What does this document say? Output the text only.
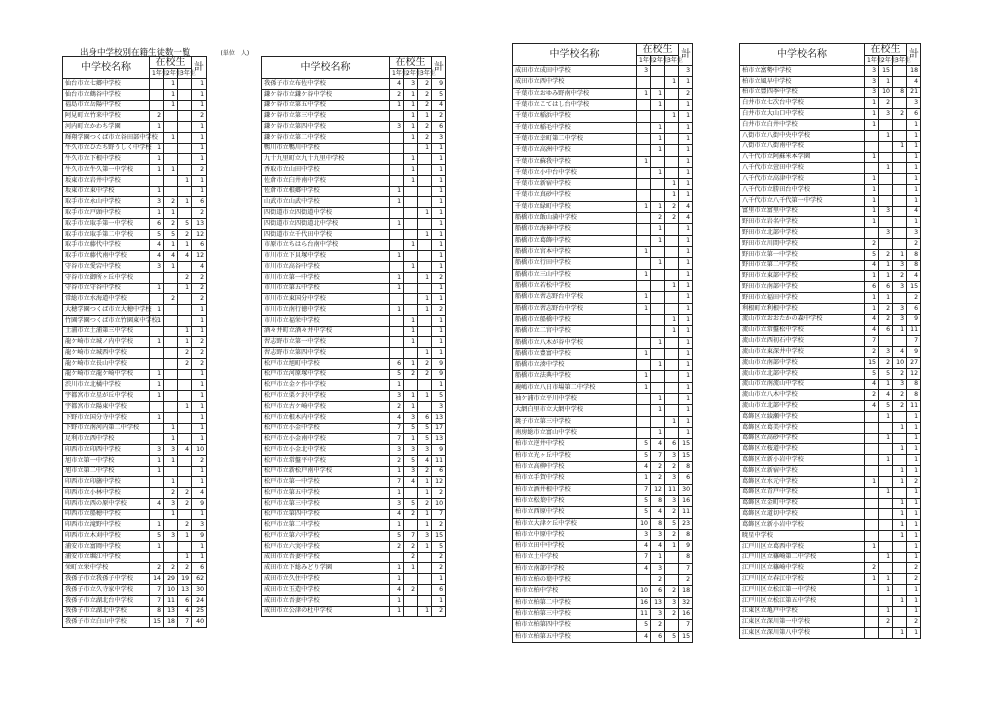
出身中学校別在籍生徒数一覧	(単位　人)
中学校名称	在校生			計
	1年生	2年生	3年生	
仙台市立七郷中学校		1		1
仙台市立鶴谷中学校		1		1
福島市立岳陽中学校		1		1
阿見町立竹来中学校	2			2
河内町立かわち学園	1			1
輝翔学園つくば市立谷田部中学校		1		1
牛久市立ひたち野うしく中学校	1			1
牛久市立下根中学校	1			1
牛久市立牛久第一中学校	1	1		2
坂東市立岩井中学校			1	1
坂東市立東中学校	1			1
取手市立永山中学校	3	2	1	6
取手市立戸頭中学校	1	1		2
取手市立取手第一中学校	6	2	5	13
取手市立取手第二中学校	5	5	2	12
取手市立藤代中学校	4	1	1	6
取手市立藤代南中学校	4	4	4	12
守谷市立愛宕中学校	3	1		4
守谷市立御所ヶ丘中学校			2	2
守谷市立守谷中学校	1		1	2
常総市立水海道中学校		2		2
大穂学園つくば市立大穂中学校	1			1
竹園学園つくば市立竹園東中学校	1			1
土浦市立土浦第三中学校			1	1
龍ケ崎市立城ノ内中学校	1		1	2
龍ケ崎市立城西中学校			2	2
龍ケ崎市立長山中学校			2	2
龍ケ崎市立龍ケ崎中学校	1			1
渋川市立北橘中学校	1			1
宇都宮市立星が丘中学校	1			1
宇都宮市立陽東中学校			1	1
下野市立国分寺中学校	1			1
下野市立南河内第二中学校		1		1
足利市立西中学校		1		1
印西市立印西中学校	3	3	4	10
旭市立第一中学校	1	1		2
旭市立第二中学校	1			1
印西市立印旛中学校		1		1
印西市立小林中学校		2	2	4
印西市立西の原中学校	4	3	2	9
印西市立船穂中学校		1		1
印西市立滝野中学校	1		2	3
印西市立木刈中学校	5	3	1	9
浦安市立富岡中学校	1			1
浦安市立堀江中学校			1	1
栄町立栄中学校	2	2	2	6
我孫子市立我孫子中学校	14	29	19	62
我孫子市立久寺家中学校	7	10	13	30
我孫子市立湖北台中学校	7	11	6	24
我孫子市立湖北中学校	8	13	4	25
我孫子市立白山中学校	15	18	7	40
中学校名称	在校生			計
	1年生	2年生	3年生	
我孫子市立布佐中学校	4	3	2	9
鎌ケ谷市立鎌ケ谷中学校	2	1	2	5
鎌ケ谷市立第五中学校	1	1	2	4
鎌ケ谷市立第三中学校		1	1	2
鎌ケ谷市立第四中学校	3	1	2	6
鎌ケ谷市立第二中学校		1	2	3
鴨川市立鴨川中学校			1	1
九十九里町立九十九里中学校		1		1
香取市立山田中学校		1		1
佐倉市立臼井南中学校		1		1
佐倉市立根郷中学校	1			1
山武市立山武中学校	1			1
四街道市立四街道中学校			1	1
四街道市立四街道北中学校	1			1
四街道市立千代田中学校			1	1
市原市立ちはら台南中学校		1		1
市川市立下貝塚中学校	1			1
市川市立高谷中学校		1		1
市川市立第一中学校	1		1	2
市川市立第五中学校	1			1
市川市立東国分中学校			1	1
市川市立南行徳中学校	1		1	2
市川市立福栄中学校		1		1
酒々井町立酒々井中学校		1		1
習志野市立第一中学校		1		1
習志野市立第四中学校			1	1
松戸市立旭町中学校	6	1	2	9
松戸市立河原塚中学校	5	2	2	9
松戸市立金ケ作中学校	1			1
松戸市立栗ケ沢中学校	3	1	1	5
松戸市立古ケ崎中学校	2	1		3
松戸市立根木内中学校	4	3	6	13
松戸市立小金中学校	7	5	5	17
松戸市立小金南中学校	7	1	5	13
松戸市立小金北中学校	3	3	3	9
松戸市立常盤平中学校	2	5	4	11
松戸市立新松戸南中学校	1	3	2	6
松戸市立第一中学校	7	4	1	12
松戸市立第五中学校	1		1	2
松戸市立第三中学校	3	5	2	10
松戸市立第四中学校	4	2	1	7
松戸市立第二中学校	1		1	2
松戸市立第六中学校	5	7	3	15
松戸市立六実中学校	2	2	1	5
成田市立吾妻中学校		2		2
成田市立下総みどり学園	1	1		2
成田市立久住中学校	1			1
成田市立玉造中学校	4	2		6
成田市立吾妻中学校	1			1
成田市立公津の杜中学校	1		1	2
中学校名称	在校生			計
	1年生	2年生	3年生	
成田市立成田中学校	3			3
成田市立西中学校			1	1
千葉市立おゆみ野南中学校	1	1		2
千葉市立こてはし台中学校		1		1
千葉市立稲浜中学校			1	1
千葉市立稲毛中学校		1		1
千葉市立幸町第二中学校		1		1
千葉市立高洲中学校		1		1
千葉市立蘇我中学校	1			1
千葉市立小中台中学校		1		1
千葉市立新宿中学校			1	1
千葉市立真砂中学校			1	1
千葉市立緑町中学校	1	1	2	4
船橋市立飯山満中学校		2	2	4
船橋市立海神中学校		1		1
船橋市立葛飾中学校		1		1
船橋市立宮本中学校	1			1
船橋市立行田中学校		1		1
船橋市立三山中学校	1			1
船橋市立若松中学校			1	1
船橋市立習志野台中学校	1			1
船橋市立習志野台中学校	1			1
船橋市立船橋中学校			1	1
船橋市立二宮中学校			1	1
船橋市立八木が谷中学校		1		1
船橋市立豊富中学校	1			1
船橋市立湊中学校		1		1
船橋市立法典中学校	1			1
鹿嶋市立八日市場第二中学校	1			1
袖ケ浦市立平川中学校		1		1
大網白里市立大網中学校		1		1
銚子市立第三中学校			1	1
南房総市立富山中学校		1		1
柏市立逆井中学校	5	4	6	15
柏市立光ヶ丘中学校	5	7	3	15
柏市立高柳中学校	4	2	2	8
柏市立手賀中学校	1	2	3	6
柏市立酒井根中学校	7	12	11	30
柏市立松葉中学校	5	8	3	16
柏市立西原中学校	5	4	2	11
柏市立大津ケ丘中学校	10	8	5	23
柏市立中原中学校	3	3	2	8
柏市立田中中学校	4	4	1	9
柏市立土中学校	7	1		8
柏市立南部中学校	4	3		7
柏市立柏の葉中学校		2		2
柏市立柏中学校	10	6	2	18
柏市立柏第二中学校	16	13	3	32
柏市立柏第三中学校	11	3	2	16
柏市立柏第四中学校	5	2		7
柏市立柏第五中学校	4	6	5	15
中学校名称	在校生			計
	1年生	2年生	3年生	
柏市立富勢中学校	3	15		18
柏市立風早中学校	3	1		4
柏市立豊四季中学校	3	10	8	21
白井市立七次台中学校	1	2		3
白井市立大山口中学校	1	3	2	6
白井市立白井中学校	1			1
八街市立八街中央中学校		1		1
八街市立八街南中学校			1	1
八千代市立阿蘇米本学園	1			1
八千代市立萱田中学校		1		1
八千代市立高津中学校	1			1
八千代市立勝田台中学校	1			1
八千代市立八千代第一中学校	1			1
富里市立富里中学校	1	3		4
野田市立岩名中学校	1			1
野田市立北部中学校		3		3
野田市立川間中学校	2			2
野田市立第一中学校	5	2	1	8
野田市立第二中学校	4	1	3	8
野田市立東部中学校	1	1	2	4
野田市立南部中学校	6	6	3	15
野田市立福田中学校	1	1		2
利根町立利根中学校	1	2	3	6
流山市立おおたかの森中学校	4	2	3	9
流山市立常盤松中学校	4	6	1	11
流山市立西初石中学校	7			7
流山市立東深井中学校	2	3	4	9
流山市立南部中学校	15	2	10	27
流山市立北部中学校	5	5	2	12
流山市立南流山中学校	4	1	3	8
流山市立八木中学校	2	4	2	8
流山市立北部中学校	4	5	2	11
葛飾区立綾瀬中学校		1		1
葛飾区立葛美中学校			1	1
葛飾区立高砂中学校		1		1
葛飾区立桜道中学校			1	1
葛飾区立新小岩中学校		1		1
葛飾区立新宿中学校			1	1
葛飾区立水元中学校	1		1	2
葛飾区立青戸中学校		1		1
葛飾区立金町中学校			1	1
葛飾区立道切中学校			1	1
葛飾区立新小岩中学校			1	1
暁星中学校			1	1
江戸川区立葛西中学校	1			1
江戸川区立篠崎第二中学校		1		1
江戸川区立篠崎中学校	2			2
江戸川区立春江中学校	1	1		2
江戸川区立松江第一中学校		1		1
江戸川区立松江第五中学校			1	1
江東区立亀戸中学校		1		1
江東区立深川第一中学校		2		2
江東区立深川第八中学校			1	1
